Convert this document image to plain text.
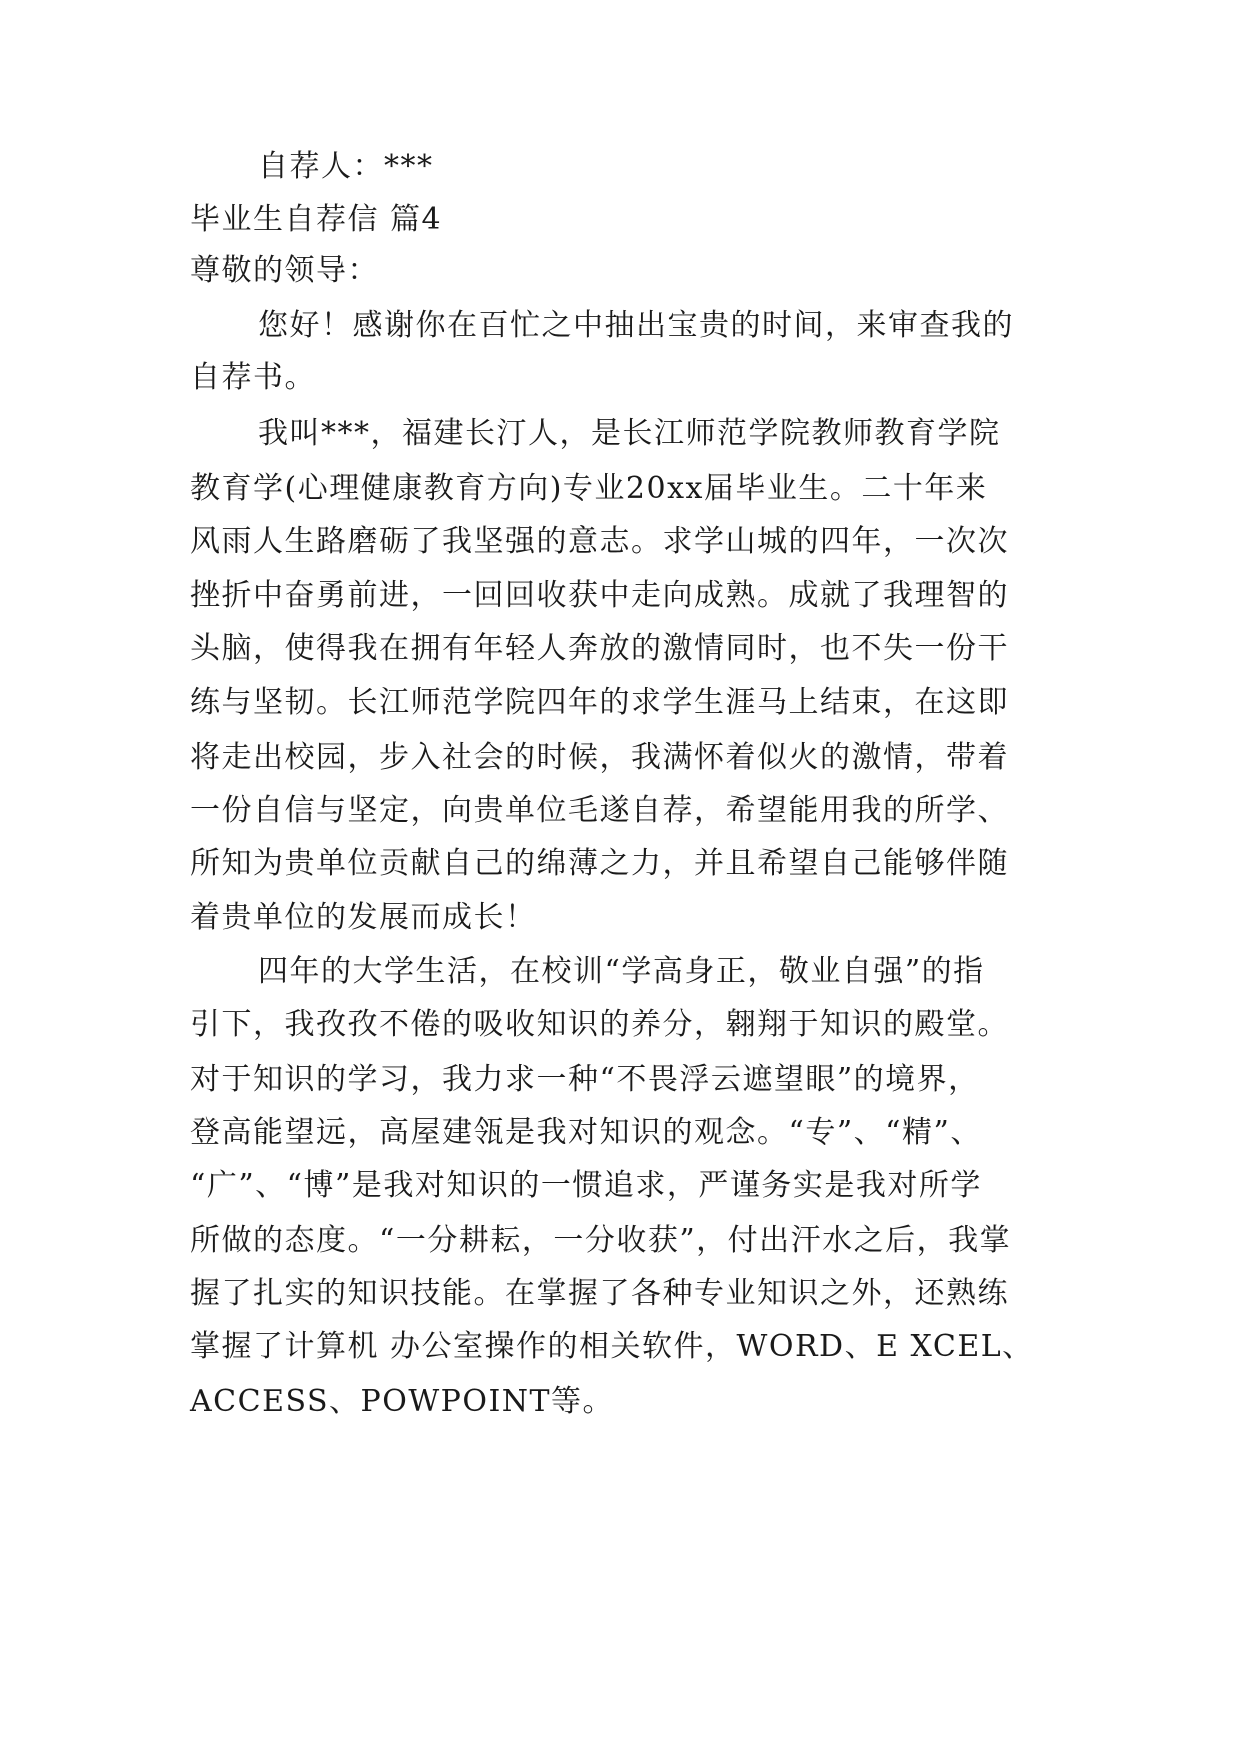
自荐人：***
毕业生自荐信 篇4
尊敬的领导：
您好！感谢你在百忙之中抽出宝贵的时间，来审查我的
自荐书。
我叫***，福建长汀人，是长江师范学院教师教育学院
教育学(心理健康教育方向)专业20xx届毕业生。二十年来
风雨人生路磨砺了我坚强的意志。求学山城的四年，一次次
挫折中奋勇前进，一回回收获中走向成熟。成就了我理智的
头脑，使得我在拥有年轻人奔放的激情同时，也不失一份干
练与坚韧。长江师范学院四年的求学生涯马上结束，在这即
将走出校园，步入社会的时候，我满怀着似火的激情，带着
一份自信与坚定，向贵单位毛遂自荐，希望能用我的所学、
所知为贵单位贡献自己的绵薄之力，并且希望自己能够伴随
着贵单位的发展而成长！
四年的大学生活，在校训“学高身正，敬业自强”的指
引下，我孜孜不倦的吸收知识的养分，翱翔于知识的殿堂。
对于知识的学习，我力求一种“不畏浮云遮望眼”的境界，
登高能望远，高屋建瓴是我对知识的观念。“专”、“精”、
“广”、“博”是我对知识的一惯追求，严谨务实是我对所学
所做的态度。“一分耕耘，一分收获”，付出汗水之后，我掌
握了扎实的知识技能。在掌握了各种专业知识之外，还熟练
掌握了计算机 办公室操作的相关软件，WORD、E XCEL、
ACCESS、POWPOINT等。
